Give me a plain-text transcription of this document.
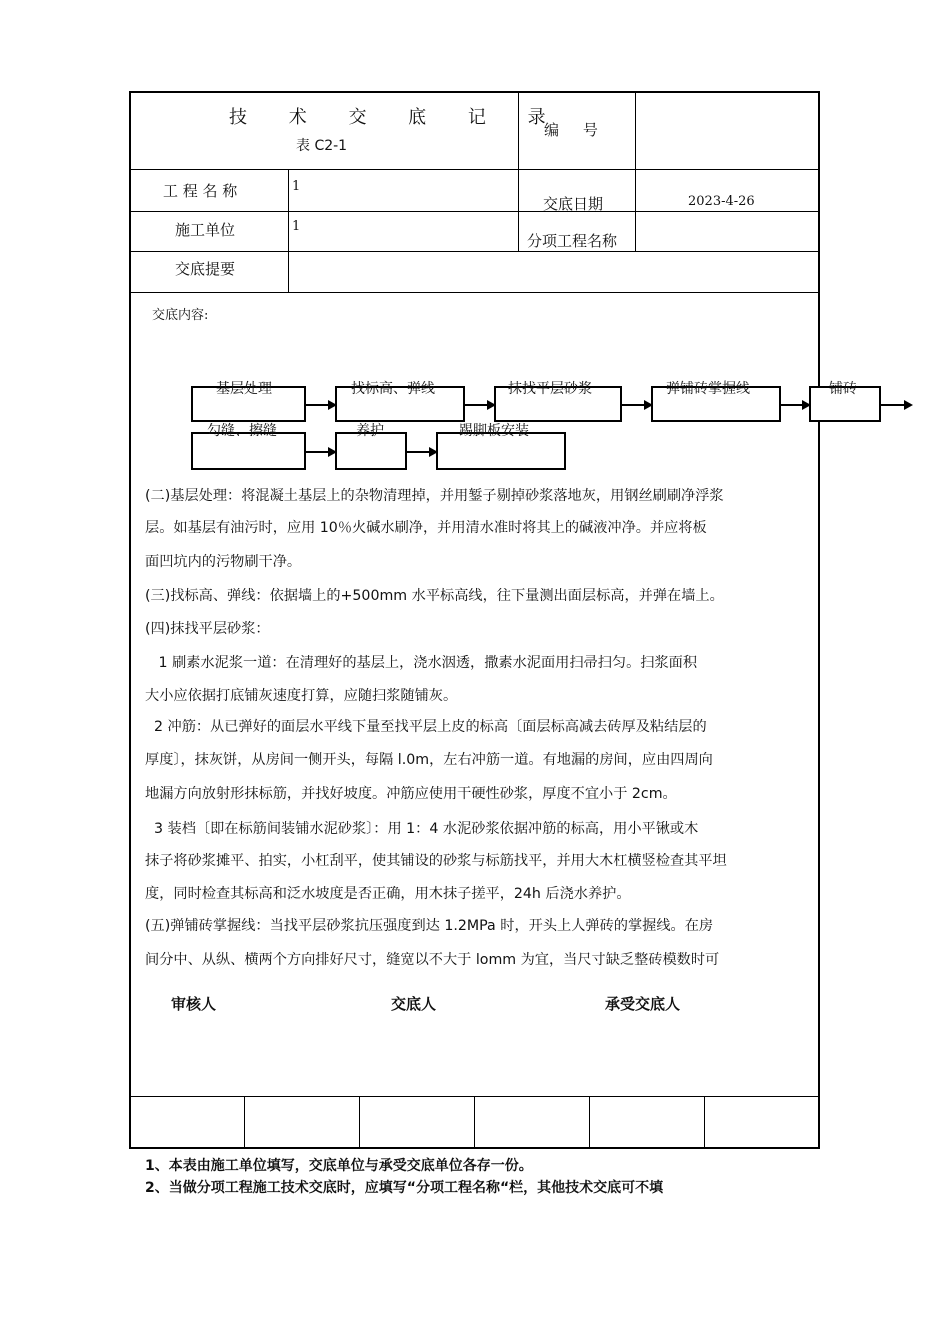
技 术 交 底 记 录
表 C2-1
编     号
工 程 名 称	1
交底日期	2023-4-26
施工单位	1
分项工程名称
交底提要
交底内容:
基层处理	找标高、弹线	抹找平层砂浆	弹铺砖掌握线	铺砖
勾缝、擦缝	养护	踢脚板安装
(二)基层处理：将混凝土基层上的杂物清理掉，并用錾子剔掉砂浆落地灰，用钢丝刷刷净浮浆
层。如基层有油污时，应用 10％火碱水刷净，并用清水准时将其上的碱液冲净。并应将板
面凹坑内的污物刷干净。
(三)找标高、弹线：依据墙上的+500mm 水平标高线，往下量测出面层标高，并弹在墙上。
(四)抹找平层砂浆：
1 刷素水泥浆一道：在清理好的基层上，浇水洇透，撒素水泥面用扫帚扫匀。扫浆面积
大小应依据打底铺灰速度打算，应随扫浆随铺灰。
2 冲筋：从已弹好的面层水平线下量至找平层上皮的标高〔面层标高减去砖厚及粘结层的
厚度〕，抹灰饼，从房间一侧开头，每隔 l.0m，左右冲筋一道。有地漏的房间，应由四周向
地漏方向放射形抹标筋，并找好坡度。冲筋应使用干硬性砂浆，厚度不宜小于 2cm。
3 装档〔即在标筋间装铺水泥砂浆〕：用 1：4 水泥砂浆依据冲筋的标高，用小平锹或木
抹子将砂浆摊平、拍实，小杠刮平，使其铺设的砂浆与标筋找平，并用大木杠横竖检查其平坦
度，同时检查其标高和泛水坡度是否正确，用木抹子搓平，24h 后浇水养护。
(五)弹铺砖掌握线：当找平层砂浆抗压强度到达 1.2MPa 时，开头上人弹砖的掌握线。在房
间分中、从纵、横两个方向排好尺寸，缝宽以不大于 lomm 为宜，当尺寸缺乏整砖模数时可
审核人	交底人	承受交底人
1、本表由施工单位填写，交底单位与承受交底单位各存一份。
2、当做分项工程施工技术交底时，应填写“分项工程名称“栏，其他技术交底可不填
